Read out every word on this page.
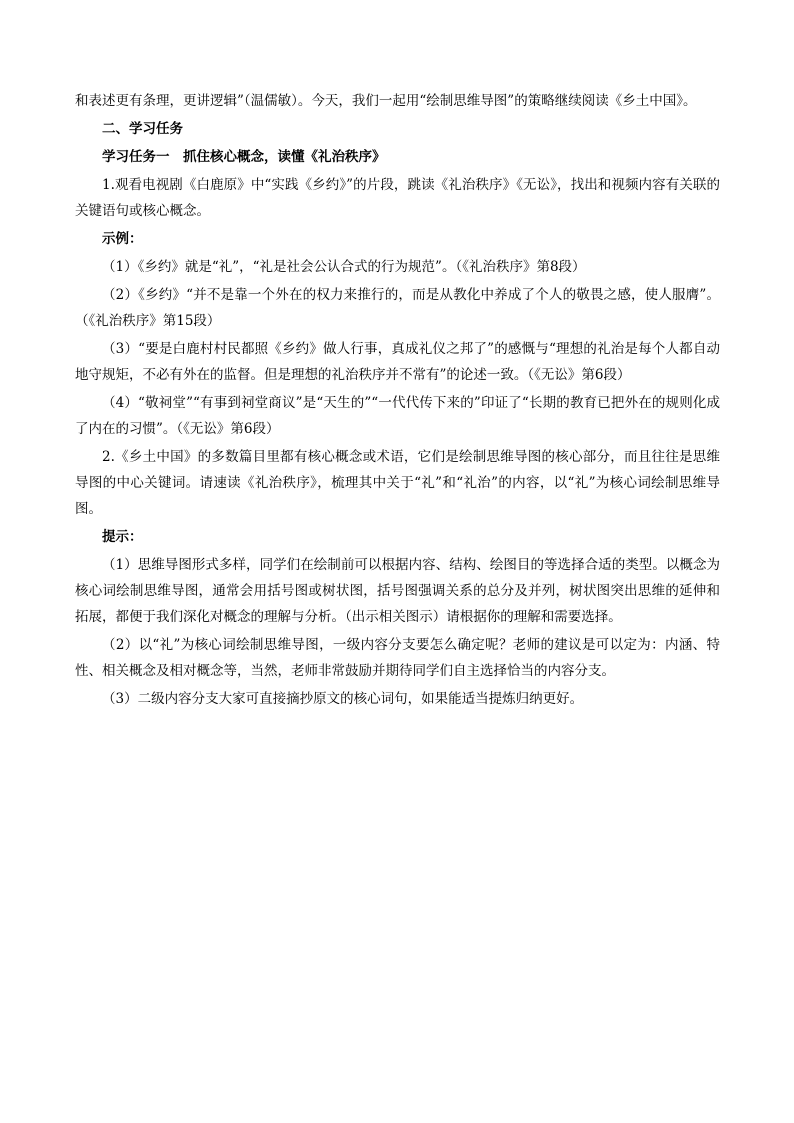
和表述更有条理，更讲逻辑”（温儒敏）。今天，我们一起用“绘制思维导图”的策略继续阅读《乡土中国》。

二、学习任务

学习任务一　抓住核心概念，读懂《礼治秩序》

1.观看电视剧《白鹿原》中“实践《乡约》”的片段，跳读《礼治秩序》《无讼》，找出和视频内容有关联的关键语句或核心概念。

示例：

（1）《乡约》就是“礼”，“礼是社会公认合式的行为规范”。（《礼治秩序》第8段）

（2）《乡约》“并不是靠一个外在的权力来推行的，而是从教化中养成了个人的敬畏之感，使人服膺”。（《礼治秩序》第15段）

（3）“要是白鹿村村民都照《乡约》做人行事，真成礼仪之邦了”的感慨与“理想的礼治是每个人都自动地守规矩，不必有外在的监督。但是理想的礼治秩序并不常有”的论述一致。（《无讼》第6段）

（4）“敬祠堂”“有事到祠堂商议”是“天生的”“一代代传下来的”印证了“长期的教育已把外在的规则化成了内在的习惯”。（《无讼》第6段）

2.《乡土中国》的多数篇目里都有核心概念或术语，它们是绘制思维导图的核心部分，而且往往是思维导图的中心关键词。请速读《礼治秩序》，梳理其中关于“礼”和“礼治”的内容，以“礼”为核心词绘制思维导图。

提示：

（1）思维导图形式多样，同学们在绘制前可以根据内容、结构、绘图目的等选择合适的类型。以概念为核心词绘制思维导图，通常会用括号图或树状图，括号图强调关系的总分及并列，树状图突出思维的延伸和拓展，都便于我们深化对概念的理解与分析。（出示相关图示）请根据你的理解和需要选择。

（2）以“礼”为核心词绘制思维导图，一级内容分支要怎么确定呢？老师的建议是可以定为：内涵、特性、相关概念及相对概念等，当然，老师非常鼓励并期待同学们自主选择恰当的内容分支。

（3）二级内容分支大家可直接摘抄原文的核心词句，如果能适当提炼归纳更好。
